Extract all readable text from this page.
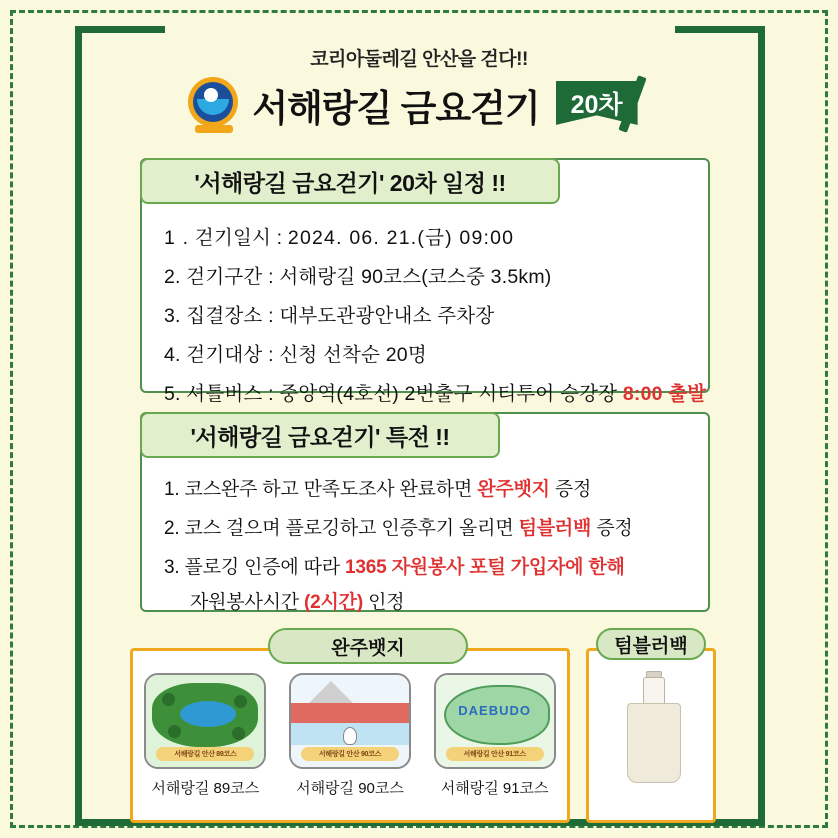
코리아둘레길 안산을 걷다!!
서해랑길 금요걷기	20차
1 . 걷기일시 : 2024. 06. 21.(금) 09:00
2. 걷기구간 : 서해랑길 90코스(코스중 3.5km)
3. 집결장소 : 대부도관광안내소 주차장
4. 걷기대상 : 신청 선착순 20명
5. 셔틀버스 : 중앙역(4호선) 2번출구 시티투어 승강장 8:00 출발
'서해랑길 금요걷기' 20차 일정 !!
1. 코스완주 하고 만족도조사 완료하면 완주뱃지 증정
2. 코스 걸으며 플로깅하고 인증후기 올리면 텀블러백 증정
3. 플로깅 인증에 따라 1365 자원봉사 포털 가입자에 한해
자원봉사시간 (2시간) 인정
'서해랑길 금요걷기' 특전 !!
서해랑길 안산 89코스
서해랑길 89코스
서해랑길 안산 90코스
서해랑길 90코스
DAEBUDO
서해랑길 안산 91코스
서해랑길 91코스
완주뱃지	텀블러백
